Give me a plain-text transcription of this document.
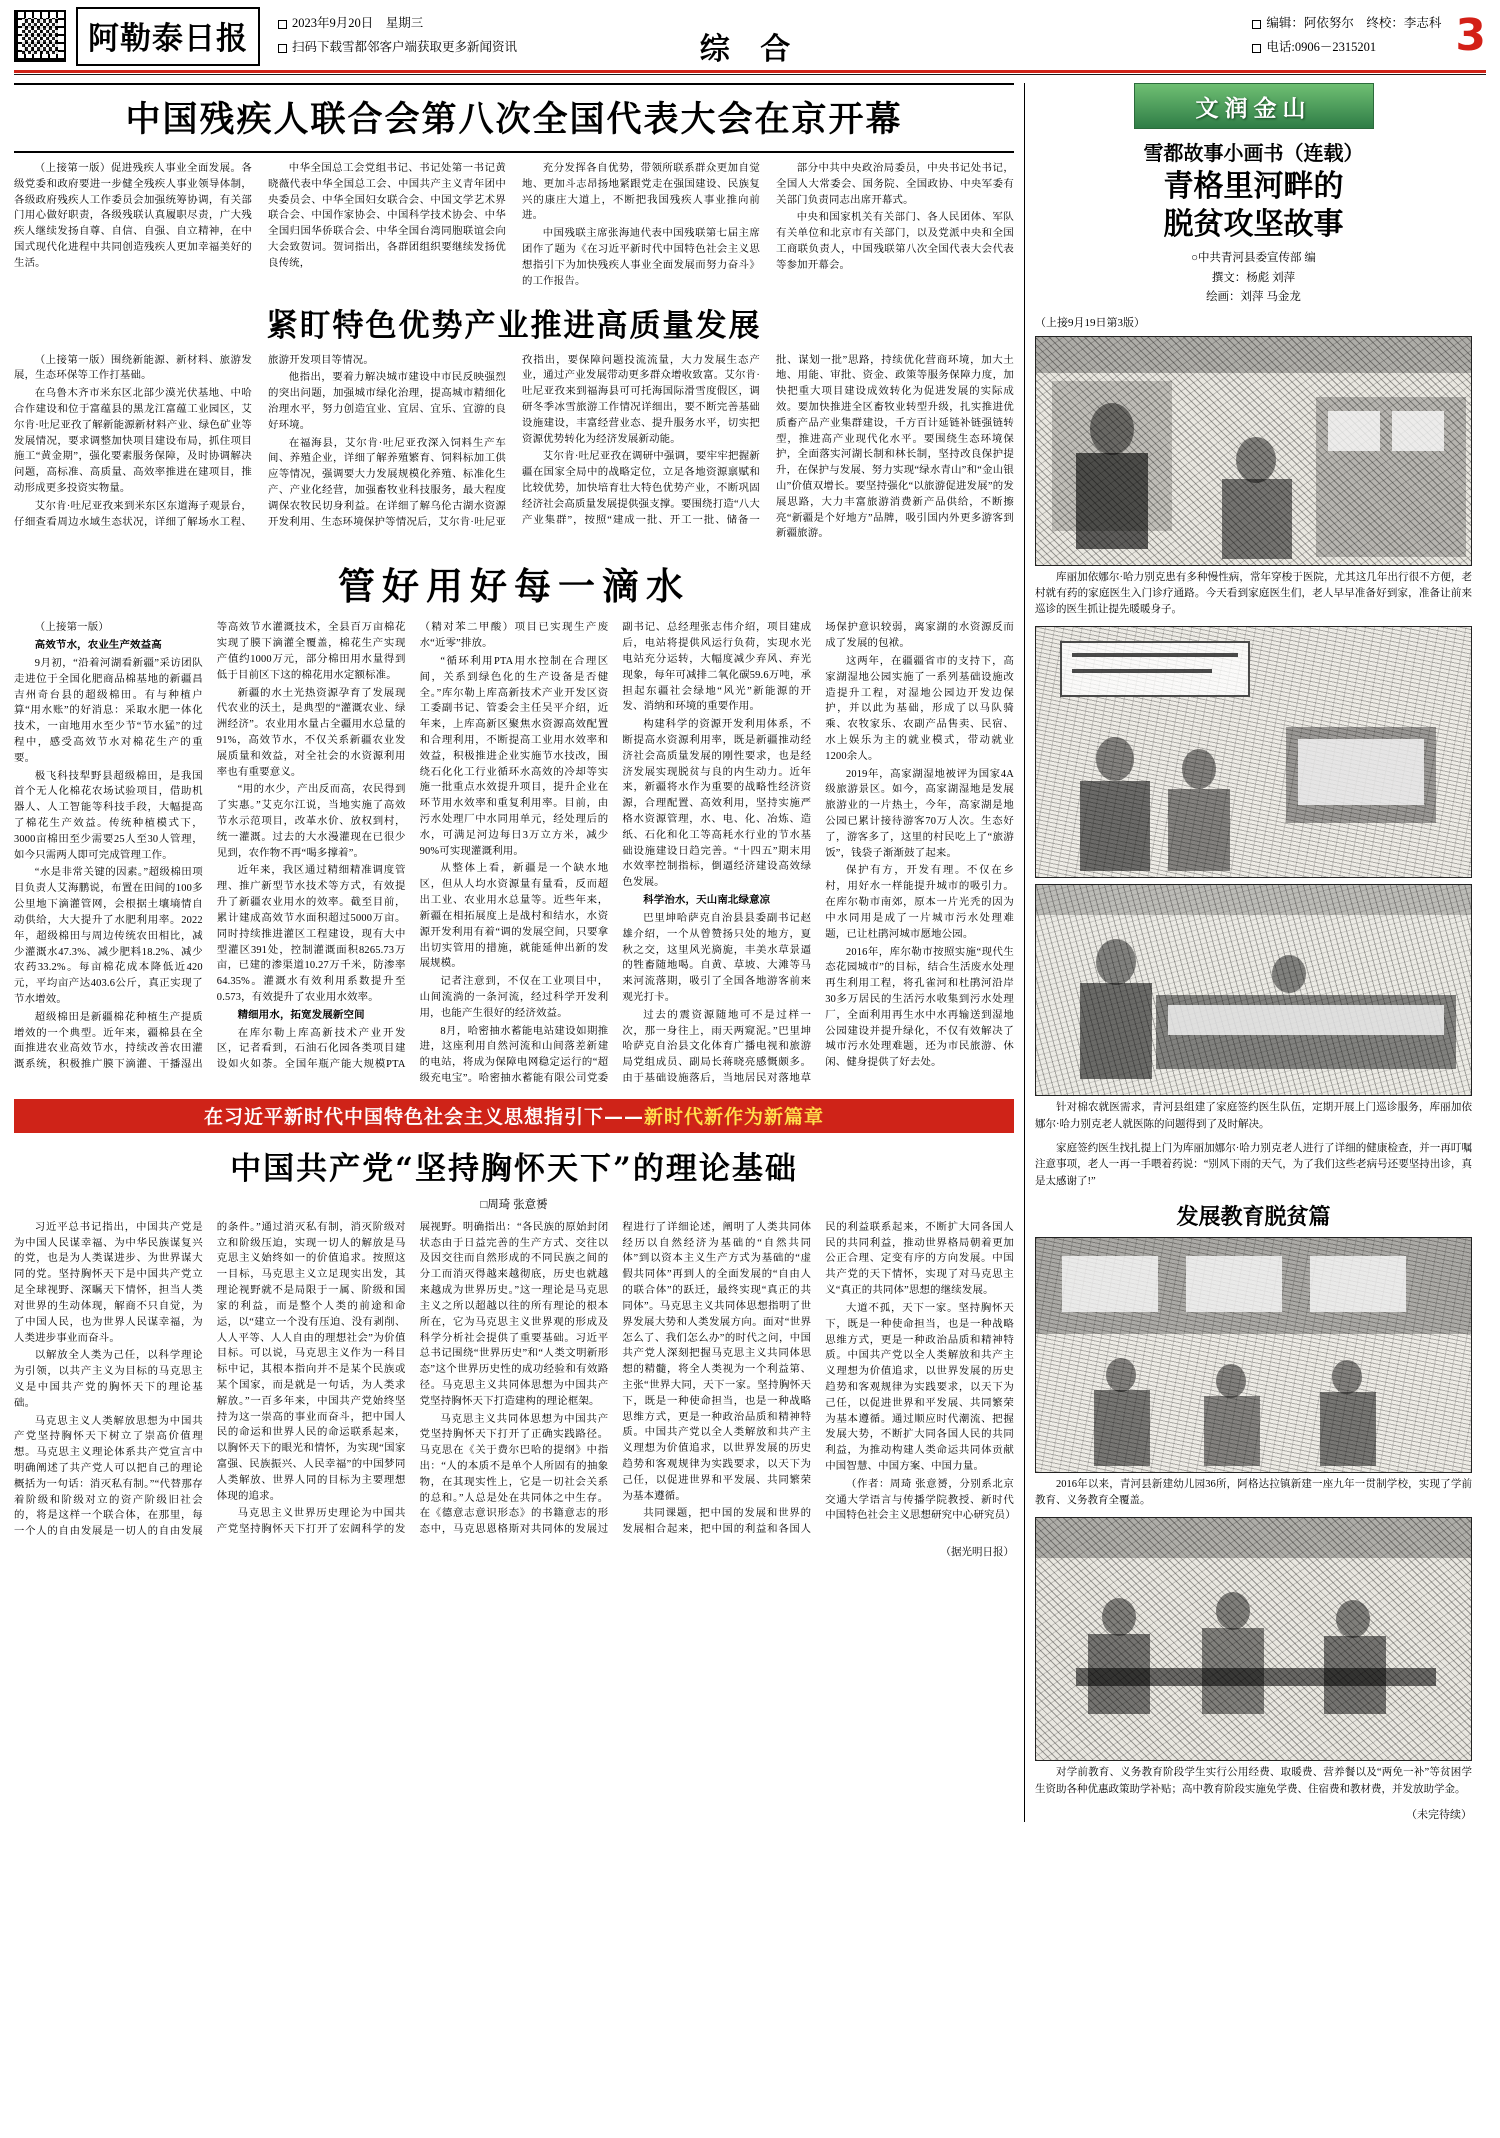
阿勒泰日报	2023年9月20日　星期三
扫码下载雪都邻客户端获取更多新闻资讯
编辑：阿依努尔　终校：李志科
电话:0906－2315201	3
综 合
中国残疾人联合会第八次全国代表大会在京开幕

（上接第一版）促进残疾人事业全面发展。各级党委和政府要进一步健全残疾人事业领导体制，各级政府残疾人工作委员会加强统筹协调，有关部门用心做好职责，各级残联认真履职尽责，广大残疾人继续发扬自尊、自信、自强、自立精神，在中国式现代化进程中共同创造残疾人更加幸福美好的生活。

中华全国总工会党组书记、书记处第一书记黄晓薇代表中华全国总工会、中国共产主义青年团中央委员会、中华全国妇女联合会、中国文学艺术界联合会、中国作家协会、中国科学技术协会、中华全国归国华侨联合会、中华全国台湾同胞联谊会向大会致贺词。贺词指出，各群团组织要继续发扬优良传统，

充分发挥各自优势，带领所联系群众更加自觉地、更加斗志昂扬地紧跟党走在强国建设、民族复兴的康庄大道上，不断把我国残疾人事业推向前进。

中国残联主席张海迪代表中国残联第七届主席团作了题为《在习近平新时代中国特色社会主义思想指引下为加快残疾人事业全面发展而努力奋斗》的工作报告。

部分中共中央政治局委员，中央书记处书记，全国人大常委会、国务院、全国政协、中央军委有关部门负责同志出席开幕式。

中央和国家机关有关部门、各人民团体、军队有关单位和北京市有关部门，以及党派中央和全国工商联负责人，中国残联第八次全国代表大会代表等参加开幕会。

紧盯特色优势产业推进高质量发展

（上接第一版）围绕新能源、新材料、旅游发展，生态环保等工作打基础。

在乌鲁木齐市米东区北部少漠光伏基地、中哈合作建设和位于富蕴县的黑龙江富蕴工业园区，艾尔肯·吐尼亚孜了解新能源新材料产业、绿色矿业等发展情况，要求调整加快项目建设布局，抓住项目施工“黄金期”，强化要素服务保障，及时协调解决问题，高标准、高质量、高效率推进在建项目，推动形成更多投资实物量。

艾尔肯·吐尼亚孜来到米东区东道海子观景台，仔细查看周边水域生态状况，详细了解场水工程、旅游开发项目等情况。

他指出，要着力解决城市建设中市民反映强烈的突出问题，加强城市绿化治理，提高城市精细化治理水平，努力创造宜业、宜居、宜乐、宜游的良好环境。

在福海县，艾尔肯·吐尼亚孜深入饲料生产车间、养殖企业，详细了解养殖繁育、饲料标加工供应等情况，强调要大力发展规模化养殖、标准化生产、产业化经营，加强畜牧业科技服务，最大程度调保农牧民切身利益。在详细了解乌伦古湖水资源开发利用、生态环境保护等情况后，艾尔肯·吐尼亚孜指出，要保障问题投流流量，大力发展生态产业，通过产业发展带动更多群众增收致富。艾尔肯·吐尼亚孜来到福海县可可托海国际滑雪度假区，调研冬季冰雪旅游工作情况详细出，要不断完善基础设施建设，丰富经营业态、提升服务水平，切实把资源优势转化为经济发展新动能。

艾尔肯·吐尼亚孜在调研中强调，要牢牢把握新疆在国家全局中的战略定位，立足各地资源禀赋和比较优势，加快培育壮大特色优势产业，不断巩固经济社会高质量发展提供强支撑。要围绕打造“八大产业集群”，按照“建成一批、开工一批、储备一批、谋划一批”思路，持续优化营商环境，加大土地、用能、审批、资金、政策等服务保障力度，加快把重大项目建设成效转化为促进发展的实际成效。要加快推进全区畜牧业转型升级，扎实推进优质畜产品产业集群建设，千方百计延链补链强链转型，推进高产业现代化水平。要围绕生态环境保护，全面落实河湖长制和林长制，坚持改良保护提升，在保护与发展、努力实现“绿水青山”和“金山银山”价值双增长。要坚持强化“以旅游促进发展”的发展思路，大力丰富旅游消费新产品供给，不断擦亮“新疆是个好地方”品牌，吸引国内外更多游客到新疆旅游。

管好用好每一滴水

（上接第一版）

高效节水，农业生产效益高

9月初，“沿着河湖看新疆”采访团队走进位于全国化肥商品棉基地的新疆昌吉州奇台县的超级棉田。有与种植户算“用水账”的好消息：采取水肥一体化技术，一亩地用水至少节“节水猛”的过程中，感受高效节水对棉花生产的重要。

极飞科技犁野县超级棉田，是我国首个无人化棉花农场试验项目，借助机器人、人工智能等科技手段，大幅提高了棉花生产效益。传统种植模式下，3000亩棉田至少需要25人至30人管理，如今只需两人即可完成管理工作。

“水是非常关键的因素。”超级棉田项目负责人艾海鹏说，布置在田间的100多公里地下滴灌管网，会根据土壤墒情自动供给，大大提升了水肥利用率。2022年，超级棉田与周边传统农田相比，减少灌溉水47.3%、减少肥料18.2%、减少农药33.2%。每亩棉花成本降低近420元，平均亩产达403.6公斤，真正实现了节水增效。

超级棉田是新疆棉花种植生产提质增效的一个典型。近年来，疆棉县在全面推进农业高效节水，持续改善农田灌溉系统，积极推广膜下滴灌、干播湿出等高效节水灌溉技术，全县百万亩棉花实现了膜下滴灌全覆盖，棉花生产实现产值约1000万元，部分棉田用水量得到低于目前区下这的棉花用水定额标准。

新疆的水土光热资源孕育了发展现代农业的沃土，是典型的“灌溉农业、绿洲经济”。农业用水量占全疆用水总量的91%，高效节水，不仅关系新疆农业发展质量和效益，对全社会的水资源利用率也有重要意义。

“用的水少，产出反而高，农民得到了实惠。”艾克尔江说，当地实施了高效节水示范项目，改革水价、放权到村，统一灌溉。过去的大水漫灌现在已很少见到，农作物不再“喝多撑着”。

近年来，我区通过精细精准调度管理、推广新型节水技术等方式，有效提升了新疆农业用水的效率。截至目前，累计建成高效节水面积超过5000万亩。同时持续推进灌区工程建设，现有大中型灌区391处，控制灌溉面积8265.73万亩，已建的渗渠道10.27万千米，防渗率64.35%。灌溉水有效利用系数提升至0.573，有效提升了农业用水效率。

精细用水，拓宽发展新空间

在库尔勒上库高新技术产业开发区，记者看到，石油石化园各类项目建设如火如荼。全国年瓶产能大规模PTA（精对苯二甲酸）项目已实现生产废水“近零”排放。

“循环利用PTA用水控制在合理区间，关系到绿色化的生产设备是否健全。”库尔勒上库高新技术产业开发区资工委副书记、管委会主任吴平介绍，近年来，上库高新区聚焦水资源高效配置和合理利用，不断提高工业用水效率和效益，积极推进企业实施节水技改，围绕石化化工行业循环水高效的冷却等实施一批重点水效提升项目，提升企业在环节用水效率和重复利用率。目前，由污水处理厂中水同用单元，经处理后的水，可满足河边每日3万立方米，减少90%可实现灌溉利用。

从整体上看，新疆是一个缺水地区，但从人均水资源量有量看，反而超出工业、农业用水总量等。近些年来，新疆在相拓展度上是战村和结水，水资源开发利用有着“调的发展空间，只要拿出切实管用的措施，就能延伸出新的发展规模。

记者注意到，不仅在工业项目中，山间流淌的一条河流，经过科学开发利用，也能产生很好的经济效益。

8月，哈密抽水蓄能电站建设如期推进，这座利用自然河流和山间落差新建的电站，将成为保障电网稳定运行的“超级充电宝”。哈密抽水蓄能有限公司党委副书记、总经理张志伟介绍，项目建成后，电站将提供风运行负荷，实现水光电站充分运转，大幅度减少弃风、弃光现象，每年可减排二氧化碳59.6万吨，承担起东疆社会绿地“风光”新能源的开发、消纳和环境的重要作用。

构建科学的资源开发利用体系，不断提高水资源利用率，既是新疆推动经济社会高质量发展的刚性要求，也是经济发展实现脱贫与良的内生动力。近年来，新疆将水作为重要的战略性经济资源，合理配置、高效利用，坚持实施严格水资源管理，水、电、化、冶炼、造纸、石化和化工等高耗水行业的节水基础设施建设日趋完善。“十四五”期末用水效率控制指标，倒逼经济建设高效绿色发展。

科学治水，天山南北绿意凉

巴里坤哈萨克自治县县委副书记赵雄介绍，一个从曾赞扬只处的地方，夏秋之交，这里风光旖旎，丰美水草景逼的牲畜随地喝。自黄、草坡、大滩等马来河流落期，吸引了全国各地游客前来观光打卡。

过去的震资源随地可不是过样一次，那一身往上，雨天两窥泥。”巴里坤哈萨克自治县文化体育广播电视和旅游局党组成员、副局长蒋晓亮感慨颇多。由于基础设施落后，当地居民对落地草场保护意识较弱，离家湖的水资源反而成了发展的包袱。

这两年，在疆疆省市的支持下，高家湖湿地公园实施了一系列基础设施改造提升工程，对湿地公园边开发边保护，并以此为基础，形成了以马队骑乘、农牧家乐、农副产品售卖、民宿、水上娱乐为主的就业模式，带动就业1200余人。

2019年，高家湖湿地被评为国家4A级旅游景区。如今，高家湖湿地是发展旅游业的一片热土，今年，高家湖是地公园已累计接待游客70万人次。生态好了，游客多了，这里的村民吃上了“旅游饭”，钱袋子渐渐鼓了起来。

保护有方，开发有理。不仅在乡村，用好水一样能提升城市的吸引力。在库尔勒市南郊，原本一片光秃的因为中水同用是成了一片城市污水处理难题，已让杜鹃河城市愿地公园。

2016年，库尔勒市按照实施“现代生态花园城市”的目标，结合生活废水处理再生利用工程，将孔雀河和杜鹃河沿岸30多万居民的生活污水收集到污水处理厂，全面利用再生水中水再输送到湿地公园建设并提升绿化，不仅有效解决了城市污水处理难题，还为市民旅游、休闲、健身提供了好去处。

在习近平新时代中国特色社会主义思想指引下—— 新时代新作为新篇章
中国共产党“坚持胸怀天下”的理论基础
□周琦 张意赟

习近平总书记指出，中国共产党是为中国人民谋幸福、为中华民族谋复兴的党，也是为人类谋进步、为世界谋大同的党。坚持胸怀天下是中国共产党立足全球视野、深瞩天下情怀，担当人类对世界的生动体现，解商不只自觉，为了中国人民，也为世界人民谋幸福，为人类进步事业而奋斗。

以解放全人类为己任，以科学理论为引领，以共产主义为目标的马克思主义是中国共产党的胸怀天下的理论基础。

马克思主义人类解放思想为中国共产党坚持胸怀天下树立了崇高价值理想。马克思主义理论体系共产党宣言中明确阐述了共产党人可以把自己的理论概括为一句话：消灭私有制。”“代替那存着阶级和阶级对立的资产阶级旧社会的，将是这样一个联合体，在那里，每一个人的自由发展是一切人的自由发展的条件。”通过消灭私有制，消灭阶级对立和阶级压迫，实现一切人的解放是马克思主义始终如一的价值追求。按照这一目标，马克思主义立足现实出发，其理论视野就不是局限于一属、阶级和国家的利益，而是整个人类的前途和命运，以“建立一个没有压迫、没有剥削、人人平等、人人自由的理想社会”为价值目标。可以说，马克思主义作为一科目标中记，其根本指向并不是某个民族或某个国家，而是就是一句话，为人类求解放。”一百多年来，中国共产党始终坚持为这一崇高的事业而奋斗，把中国人民的命运和世界人民的命运联系起来，以胸怀天下的眼光和情怀，为实现“国家富强、民族振兴、人民幸福”的中国梦同人类解放、世界人同的目标为主要理想体现的追求。

马克思主义世界历史理论为中国共产党坚持胸怀天下打开了宏阔科学的发展视野。明确指出：“各民族的原始封闭状态由于日益完善的生产方式、交往以及因交往而自然形成的不同民族之间的分工而消灭得越来越彻底，历史也就越来越成为世界历史。”这一理论是马克思主义之所以超越以往的所有理论的根本所在，它为马克思主义世界观的形成及科学分析社会提供了重要基础。习近平总书记围绕“世界历史”和“人类文明新形态”这个世界历史性的成功经验和有效路径。马克思主义共同体思想为中国共产党坚持胸怀天下打造建构的理论框架。

马克思主义共同体思想为中国共产党坚持胸怀天下打开了正确实践路径。马克思在《关于费尔巴哈的提纲》中指出：“人的本质不是单个人所固有的抽象物，在其现实性上，它是一切社会关系的总和。”人总是处在共同体之中生存。在《德意志意识形态》的书籍意志的形态中，马克思恩格斯对共同体的发展过程进行了详细论述，阐明了人类共同体经历以自然经济为基础的“自然共同体”到以资本主义生产方式为基础的“虚假共同体”再到人的全面发展的“自由人的联合体”的跃迁，最终实现“真正的共同体”。马克思主义共同体思想指明了世界发展大势和人类发展方向。面对“世界怎么了、我们怎么办”的时代之问，中国共产党人深刻把握马克思主义共同体思想的精髓，将全人类视为一个利益第、主张“世界大同，天下一家。坚持胸怀天下，既是一种使命担当，也是一种战略思维方式，更是一种政治品质和精神特质。中国共产党以全人类解放和共产主义理想为价值追求，以世界发展的历史趋势和客观规律为实践要求，以天下为己任，以促进世界和平发展、共同繁荣为基本遵循。

共同课题，把中国的发展和世界的发展相合起来，把中国的利益和各国人民的利益联系起来，不断扩大同各国人民的共同利益，推动世界格局朝着更加公正合理、定变有序的方向发展。中国共产党的天下情怀，实现了对马克思主义“真正的共同体”思想的继续发展。

大道不孤，天下一家。坚持胸怀天下，既是一种使命担当，也是一种战略思维方式，更是一种政治品质和精神特质。中国共产党以全人类解放和共产主义理想为价值追求，以世界发展的历史趋势和客观规律为实践要求，以天下为己任，以促进世界和平发展、共同繁荣为基本遵循。通过顺应时代潮流、把握发展大势，不断扩大同各国人民的共同利益，为推动构建人类命运共同体贡献中国智慧、中国方案、中国力量。

（作者：周琦 张意赟，分别系北京交通大学语言与传播学院教授、新时代中国特色社会主义思想研究中心研究员）

（据光明日报）
文润金山
雪都故事小画书（连载）
青格里河畔的
脱贫攻坚故事
○中共青河县委宣传部 编
撰文：杨彪 刘萍
绘画：刘萍 马金龙
（上接9月19日第3版）
库丽加依娜尔·哈力别克患有多种慢性病，常年穿梭于医院，尤其这几年出行很不方便，老村就有药的家庭医生入门诊疗通路。今天看到家庭医生们，老人早早准备好到家，准备让前来巡诊的医生抓让提先暖暖身子。
针对棉农就医需求，青河县组建了家庭签约医生队伍，定期开展上门巡诊服务，库丽加依娜尔·哈力别克老人就医陈的问题得到了及时解决。
家庭签约医生找扎提上门为库丽加娜尔·哈力别克老人进行了详细的健康检查，并一再叮嘱注意事项，老人一再一手喂着药说：“别风下雨的天气，为了我们这些老病号还要坚持出诊，真是太感谢了!”
发展教育脱贫篇
2016年以来，青河县新建幼儿园36所，阿格达拉镇新建一座九年一贯制学校，实现了学前教育、义务教育全覆盖。
对学前教育、义务教育阶段学生实行公用经费、取暖费、营养餐以及“两免一补”等贫困学生资助各种优惠政策助学补贴；高中教育阶段实施免学费、住宿费和教材费，并发放助学金。
（未完待续）
